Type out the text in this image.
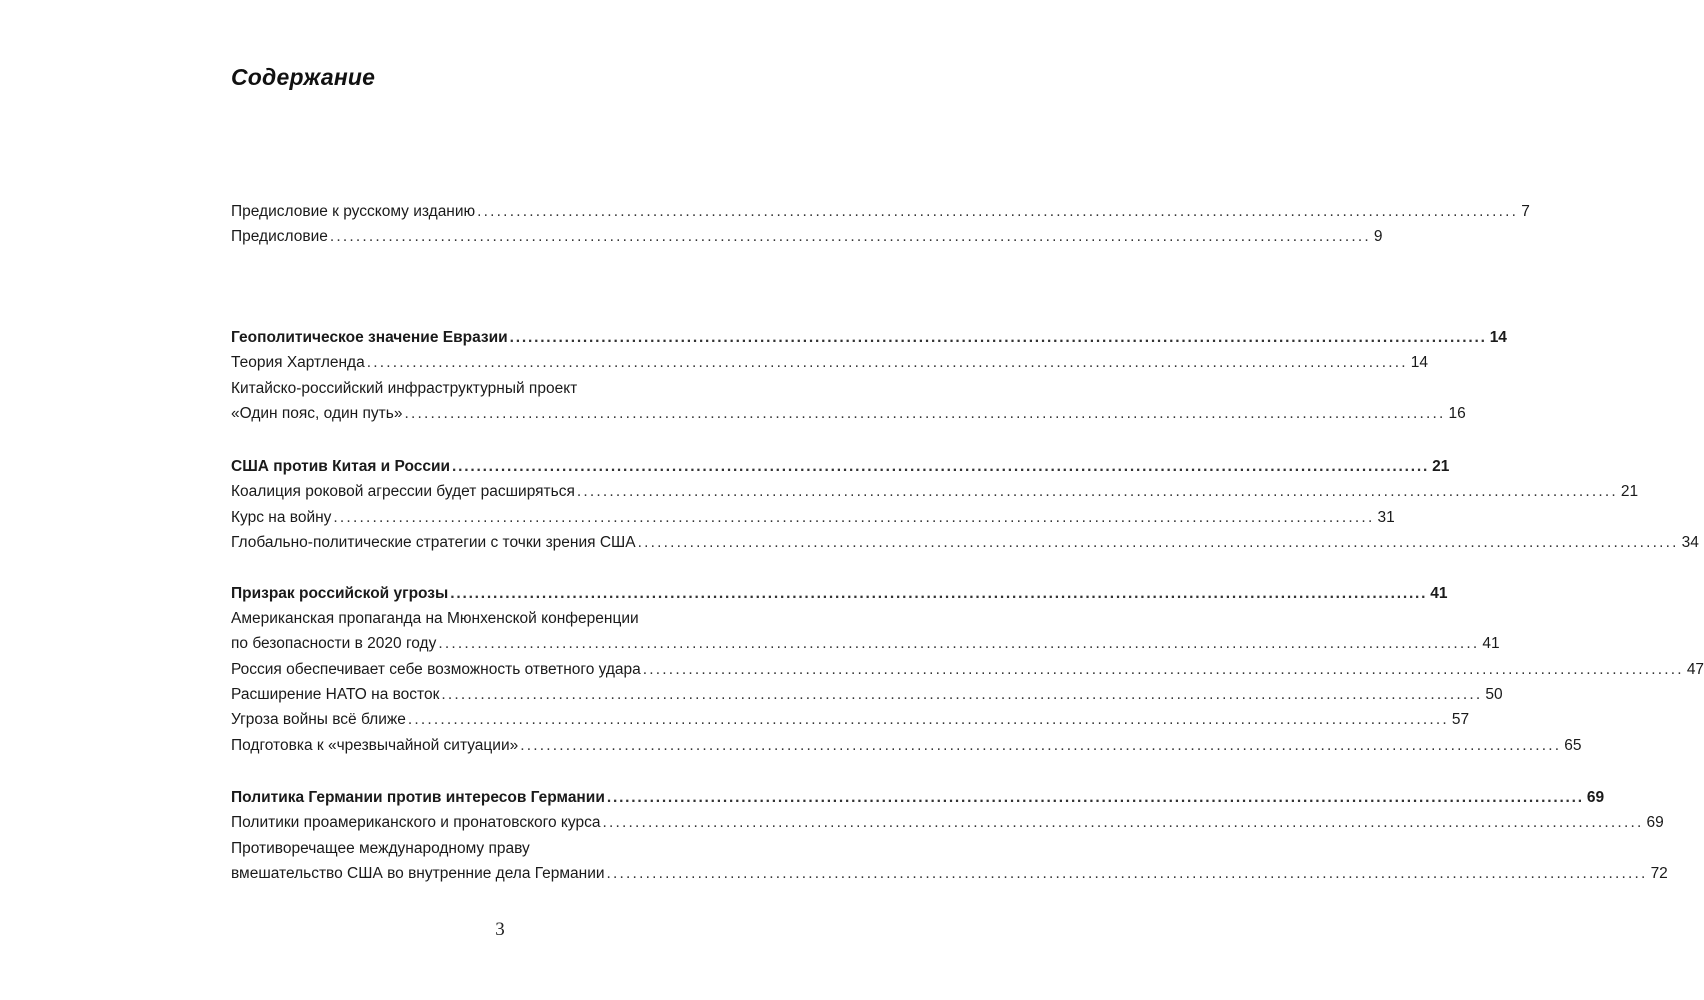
Содержание
Предисловие к русскому изданию ................................................................................................................................................................ 7
Предисловие ................................................................................................................................................................ 9
Геополитическое значение Евразии ................................................................................................................................................................ 14
Теория Хартленда ................................................................................................................................................................ 14
Китайско-российский инфраструктурный проект
«Один пояс, один путь» ................................................................................................................................................................ 16
США против Китая и России ................................................................................................................................................................ 21
Коалиция роковой агрессии будет расширяться ................................................................................................................................................................ 21
Курс на войну ................................................................................................................................................................ 31
Глобально-политические стратегии с точки зрения США ................................................................................................................................................................ 34
Призрак российской угрозы ................................................................................................................................................................ 41
Американская пропаганда на Мюнхенской конференции
по безопасности в 2020 году ................................................................................................................................................................ 41
Россия обеспечивает себе возможность ответного удара ................................................................................................................................................................ 47
Расширение НАТО на восток ................................................................................................................................................................ 50
Угроза войны всё ближе ................................................................................................................................................................ 57
Подготовка к «чрезвычайной ситуации» ................................................................................................................................................................ 65
Политика Германии против интересов Германии ................................................................................................................................................................ 69
Политики проамериканского и пронатовского курса ................................................................................................................................................................ 69
Противоречащее международному праву
вмешательство США во внутренние дела Германии ................................................................................................................................................................ 72
3
